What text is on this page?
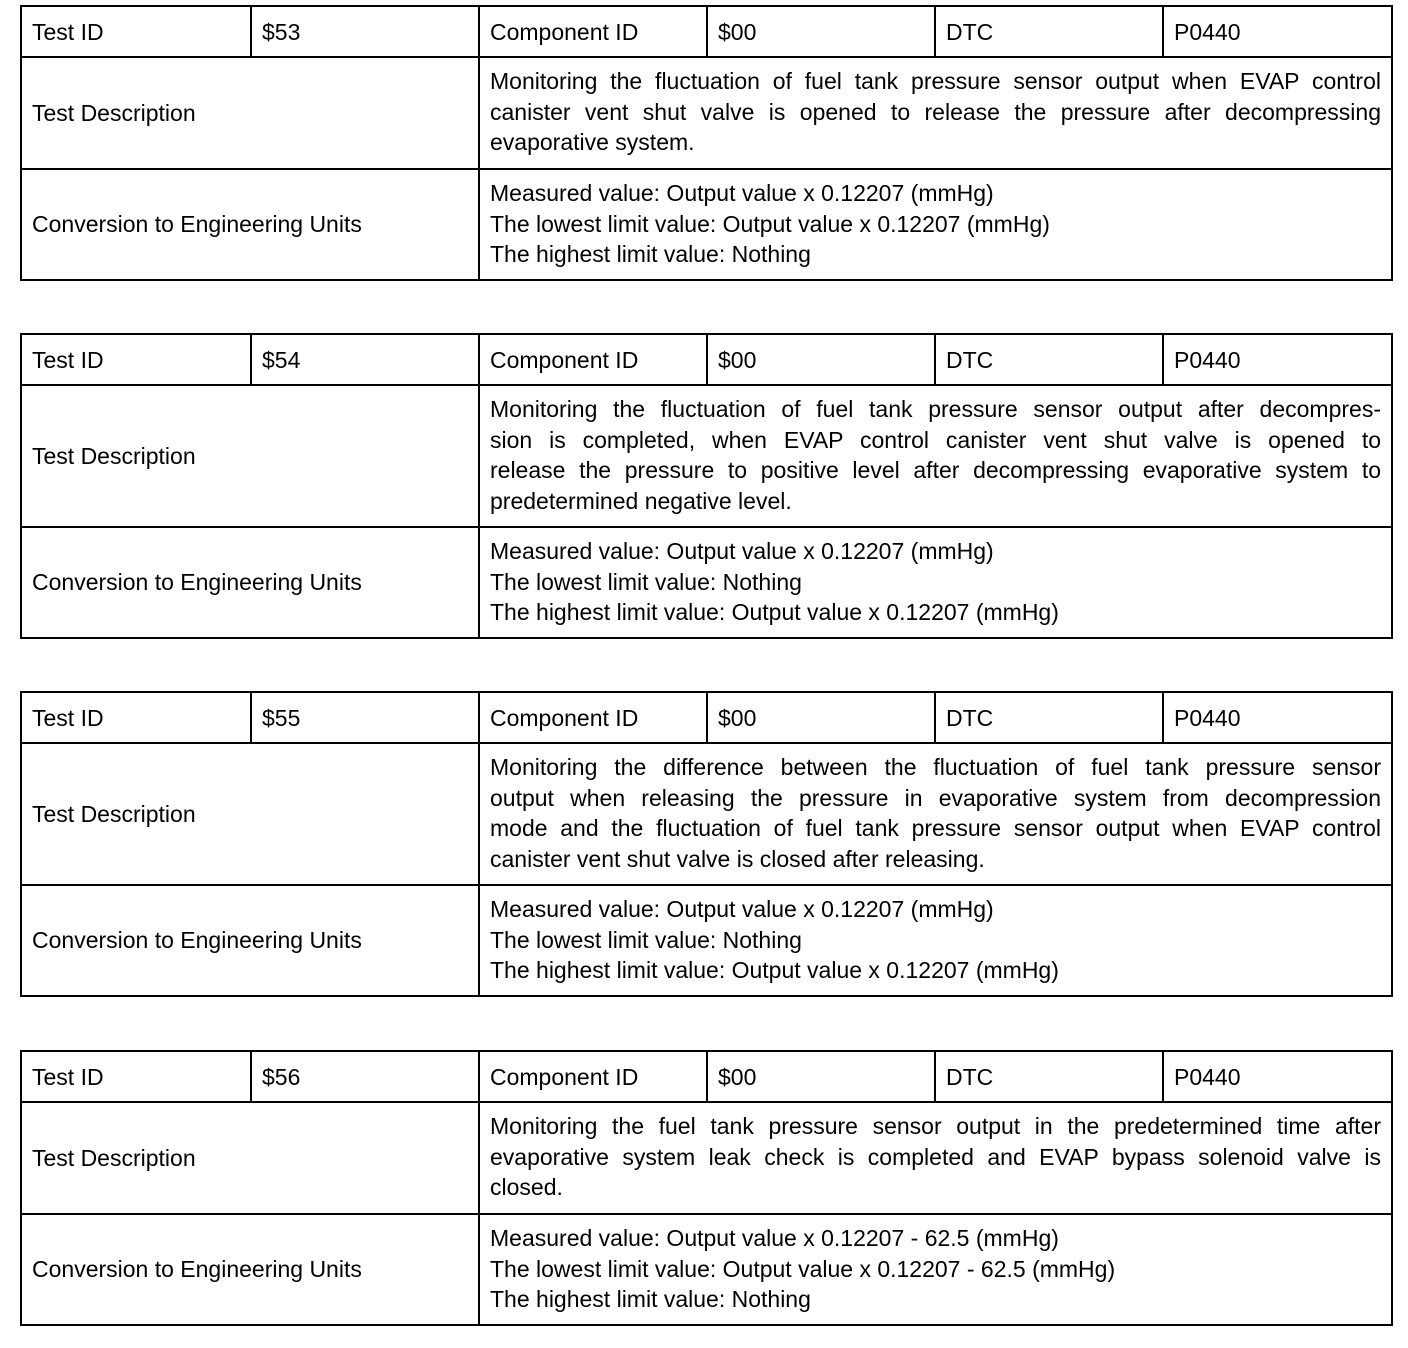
Test ID	$53	Component ID	$00	DTC	P0440
Test Description		Monitoring the fluctuation of fuel tank pressure sensor output when EVAP control
canister vent shut valve is opened to release the pressure after decompressing
evaporative system.			

Conversion to Engineering Units		Measured value: Output value x 0.12207 (mmHg)
The lowest limit value: Output value x 0.12207 (mmHg)
The highest limit value: Nothing			
Test ID	$54	Component ID	$00	DTC	P0440
Test Description		Monitoring the fluctuation of fuel tank pressure sensor output after decompres-
sion is completed, when EVAP control canister vent shut valve is opened to
release the pressure to positive level after decompressing evaporative system to
predetermined negative level.			

Conversion to Engineering Units		Measured value: Output value x 0.12207 (mmHg)
The lowest limit value: Nothing
The highest limit value: Output value x 0.12207 (mmHg)			
Test ID	$55	Component ID	$00	DTC	P0440
Test Description		Monitoring the difference between the fluctuation of fuel tank pressure sensor
output when releasing the pressure in evaporative system from decompression
mode and the fluctuation of fuel tank pressure sensor output when EVAP control
canister vent shut valve is closed after releasing.			

Conversion to Engineering Units		Measured value: Output value x 0.12207 (mmHg)
The lowest limit value: Nothing
The highest limit value: Output value x 0.12207 (mmHg)			
Test ID	$56	Component ID	$00	DTC	P0440
Test Description		Monitoring the fuel tank pressure sensor output in the predetermined time after
evaporative system leak check is completed and EVAP bypass solenoid valve is
closed.			

Conversion to Engineering Units		Measured value: Output value x 0.12207 - 62.5 (mmHg)
The lowest limit value: Output value x 0.12207 - 62.5 (mmHg)
The highest limit value: Nothing			
